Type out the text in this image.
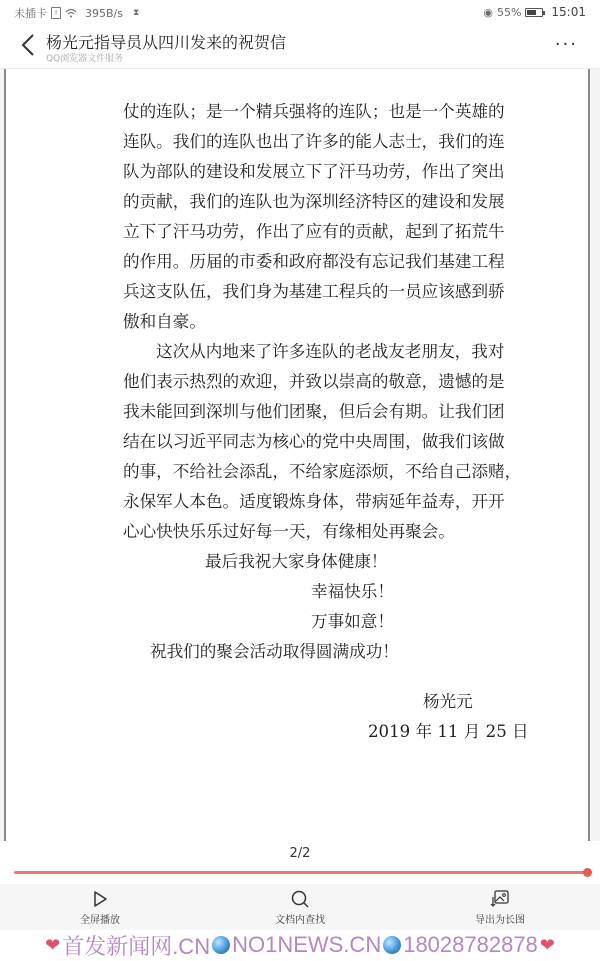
未插卡	!	395B/s ⧗	◉ 55%	15:01
杨光元指导员从四川发来的祝贺信
QQ浏览器文件服务
···

仗的连队；是一个精兵强将的连队；也是一个英雄的
连队。我们的连队也出了许多的能人志士，我们的连
队为部队的建设和发展立下了汗马功劳，作出了突出
的贡献，我们的连队也为深圳经济特区的建设和发展
立下了汗马功劳，作出了应有的贡献，起到了拓荒牛
的作用。历届的市委和政府都没有忘记我们基建工程
兵这支队伍，我们身为基建工程兵的一员应该感到骄
傲和自豪。

这次从内地来了许多连队的老战友老朋友，我对
他们表示热烈的欢迎，并致以崇高的敬意，遗憾的是
我未能回到深圳与他们团聚，但后会有期。让我们团
结在以习近平同志为核心的党中央周围，做我们该做
的事，不给社会添乱，不给家庭添烦，不给自己添赌，
永保军人本色。适度锻炼身体，带病延年益寿，开开
心心快快乐乐过好每一天，有缘相处再聚会。

最后我祝大家身体健康！
幸福快乐！
万事如意！
祝我们的聚会活动取得圆满成功！
杨光元
2019 年 11 月 25 日
2/2
全屏播放	文档内查找	导出为长图
❤ 首发新闻网.CN NO1NEWS.CN 18028782878 ❤
